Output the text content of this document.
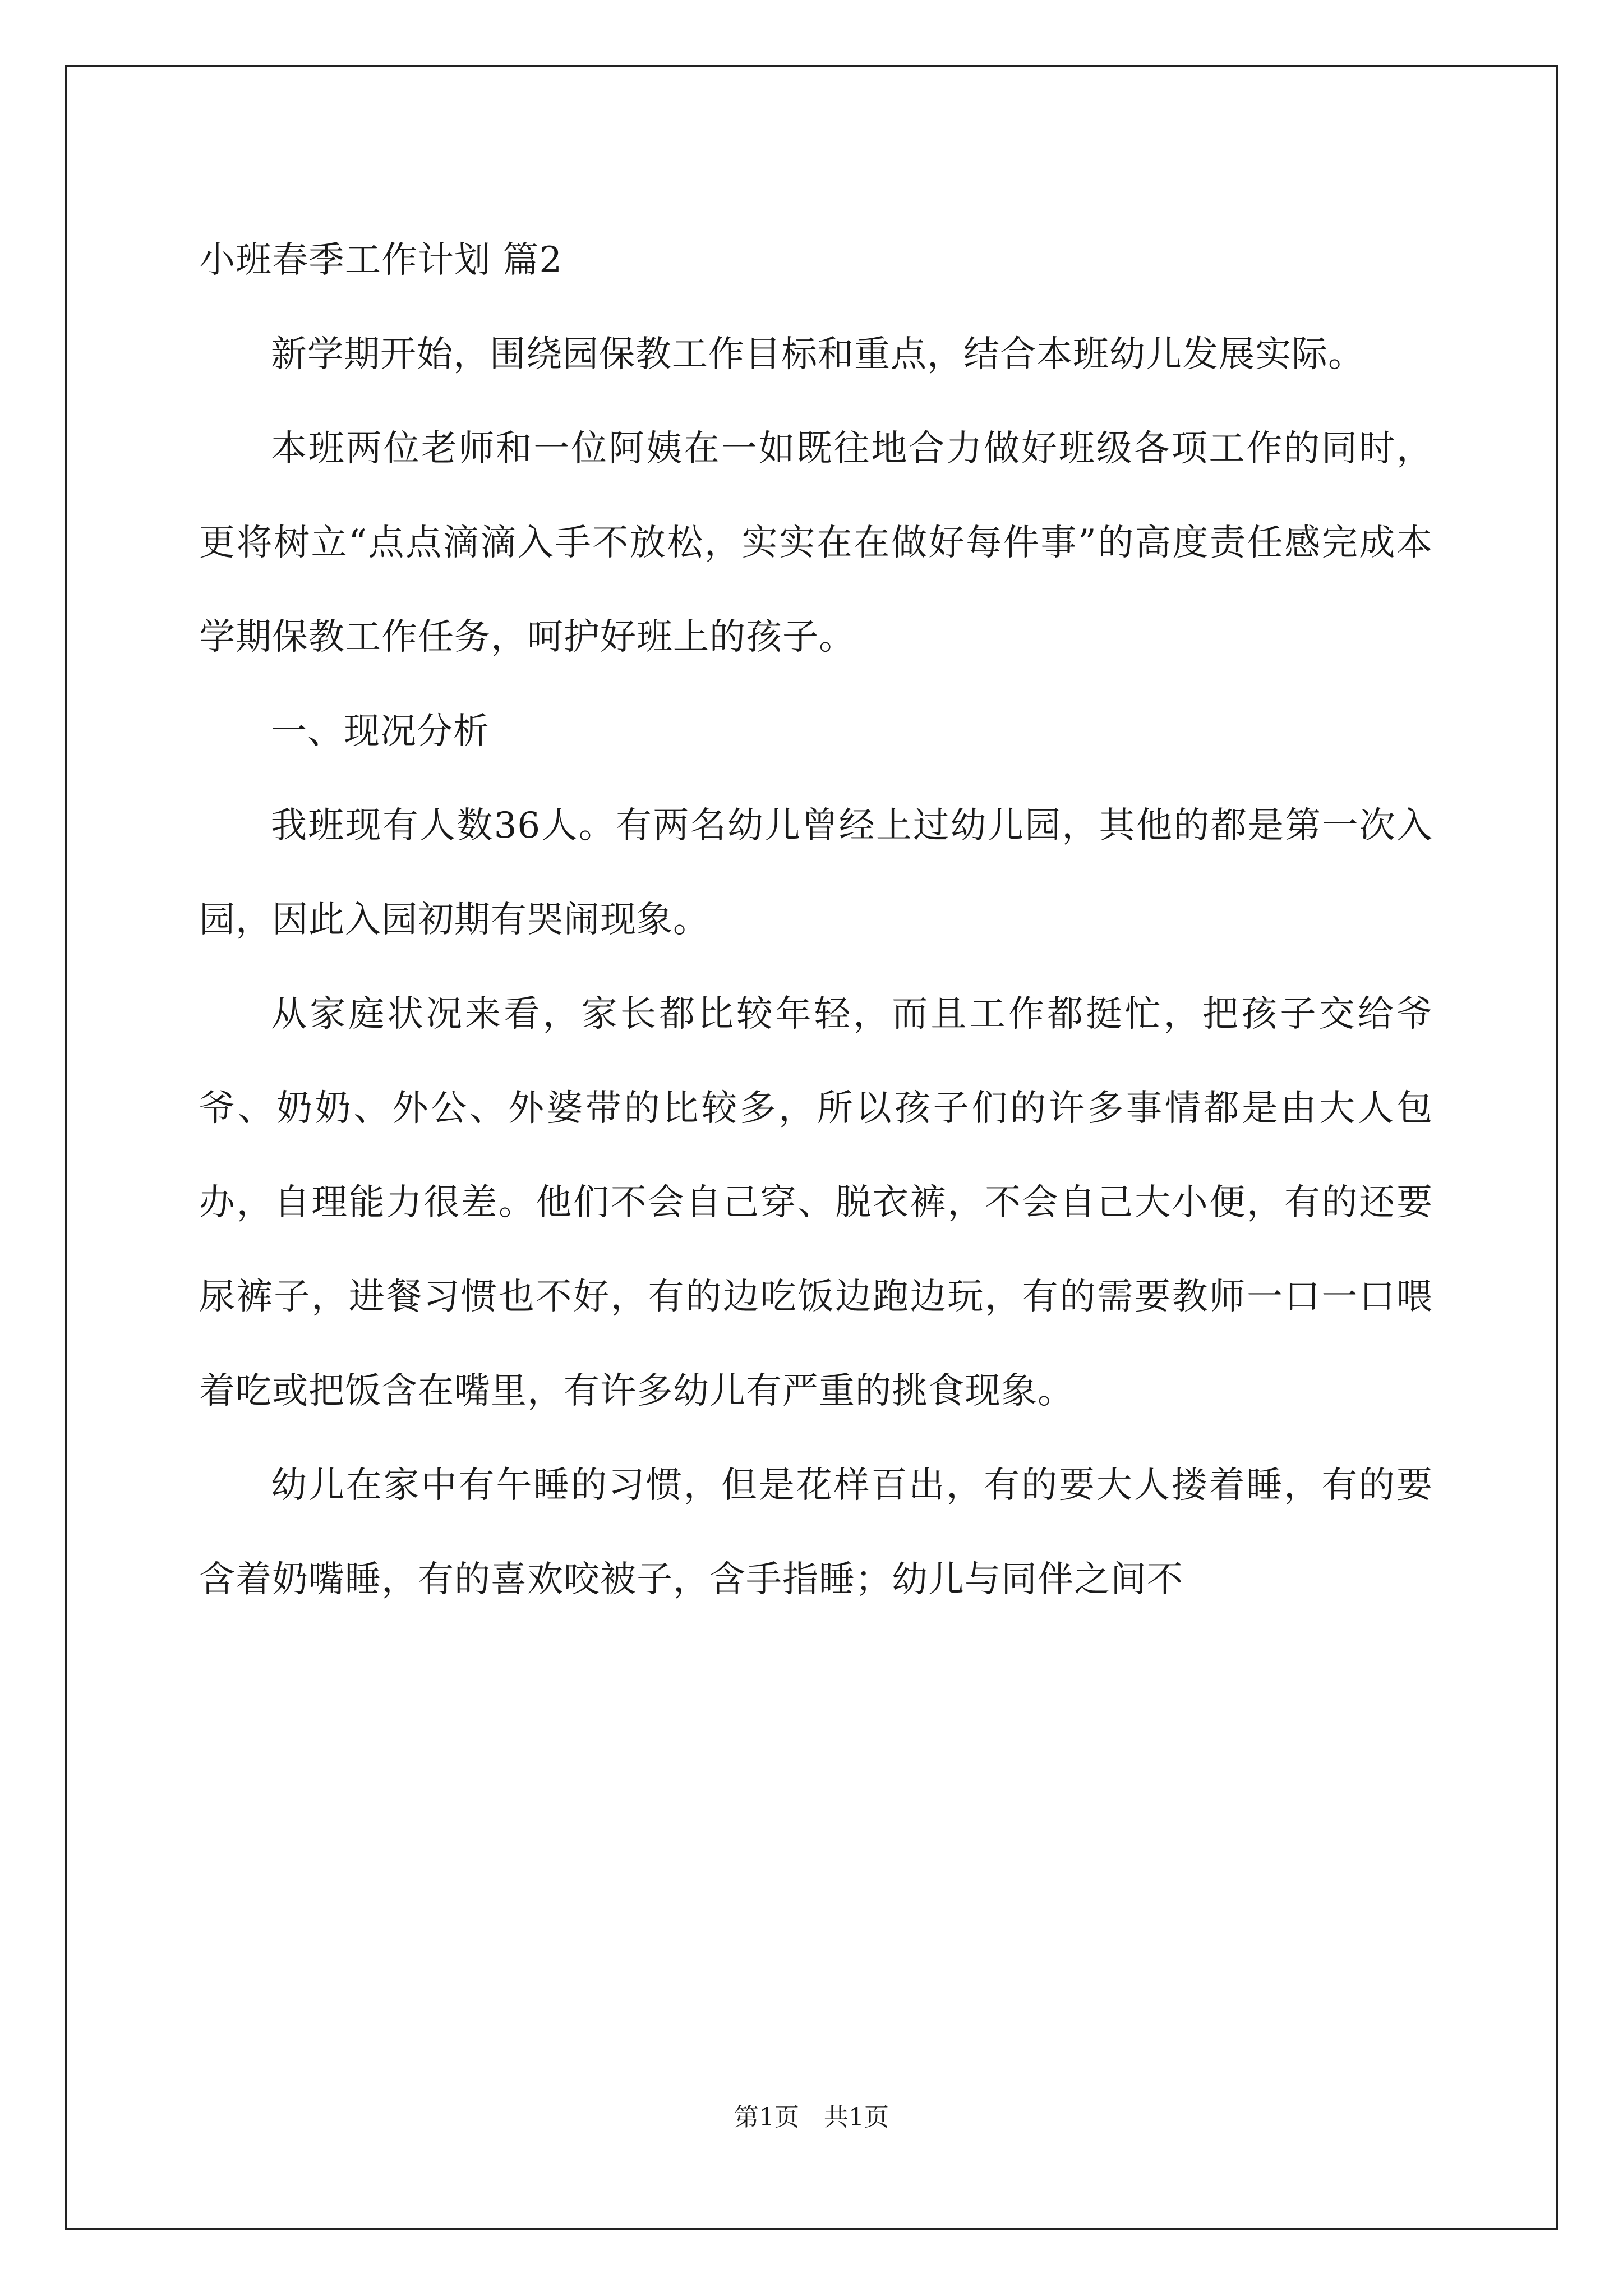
小班春季工作计划 篇2

新学期开始，围绕园保教工作目标和重点，结合本班幼儿发展实际。

本班两位老师和一位阿姨在一如既往地合力做好班级各项工作的同时，更将树立“点点滴滴入手不放松，实实在在做好每件事”的高度责任感完成本学期保教工作任务，呵护好班上的孩子。

一、现况分析

我班现有人数36人。有两名幼儿曾经上过幼儿园，其他的都是第一次入园，因此入园初期有哭闹现象。

从家庭状况来看，家长都比较年轻，而且工作都挺忙，把孩子交给爷爷、奶奶、外公、外婆带的比较多，所以孩子们的许多事情都是由大人包办，自理能力很差。他们不会自己穿、脱衣裤，不会自己大小便，有的还要尿裤子，进餐习惯也不好，有的边吃饭边跑边玩，有的需要教师一口一口喂着吃或把饭含在嘴里，有许多幼儿有严重的挑食现象。

幼儿在家中有午睡的习惯，但是花样百出，有的要大人搂着睡，有的要含着奶嘴睡，有的喜欢咬被子，含手指睡；幼儿与同伴之间不

第1页　共1页
